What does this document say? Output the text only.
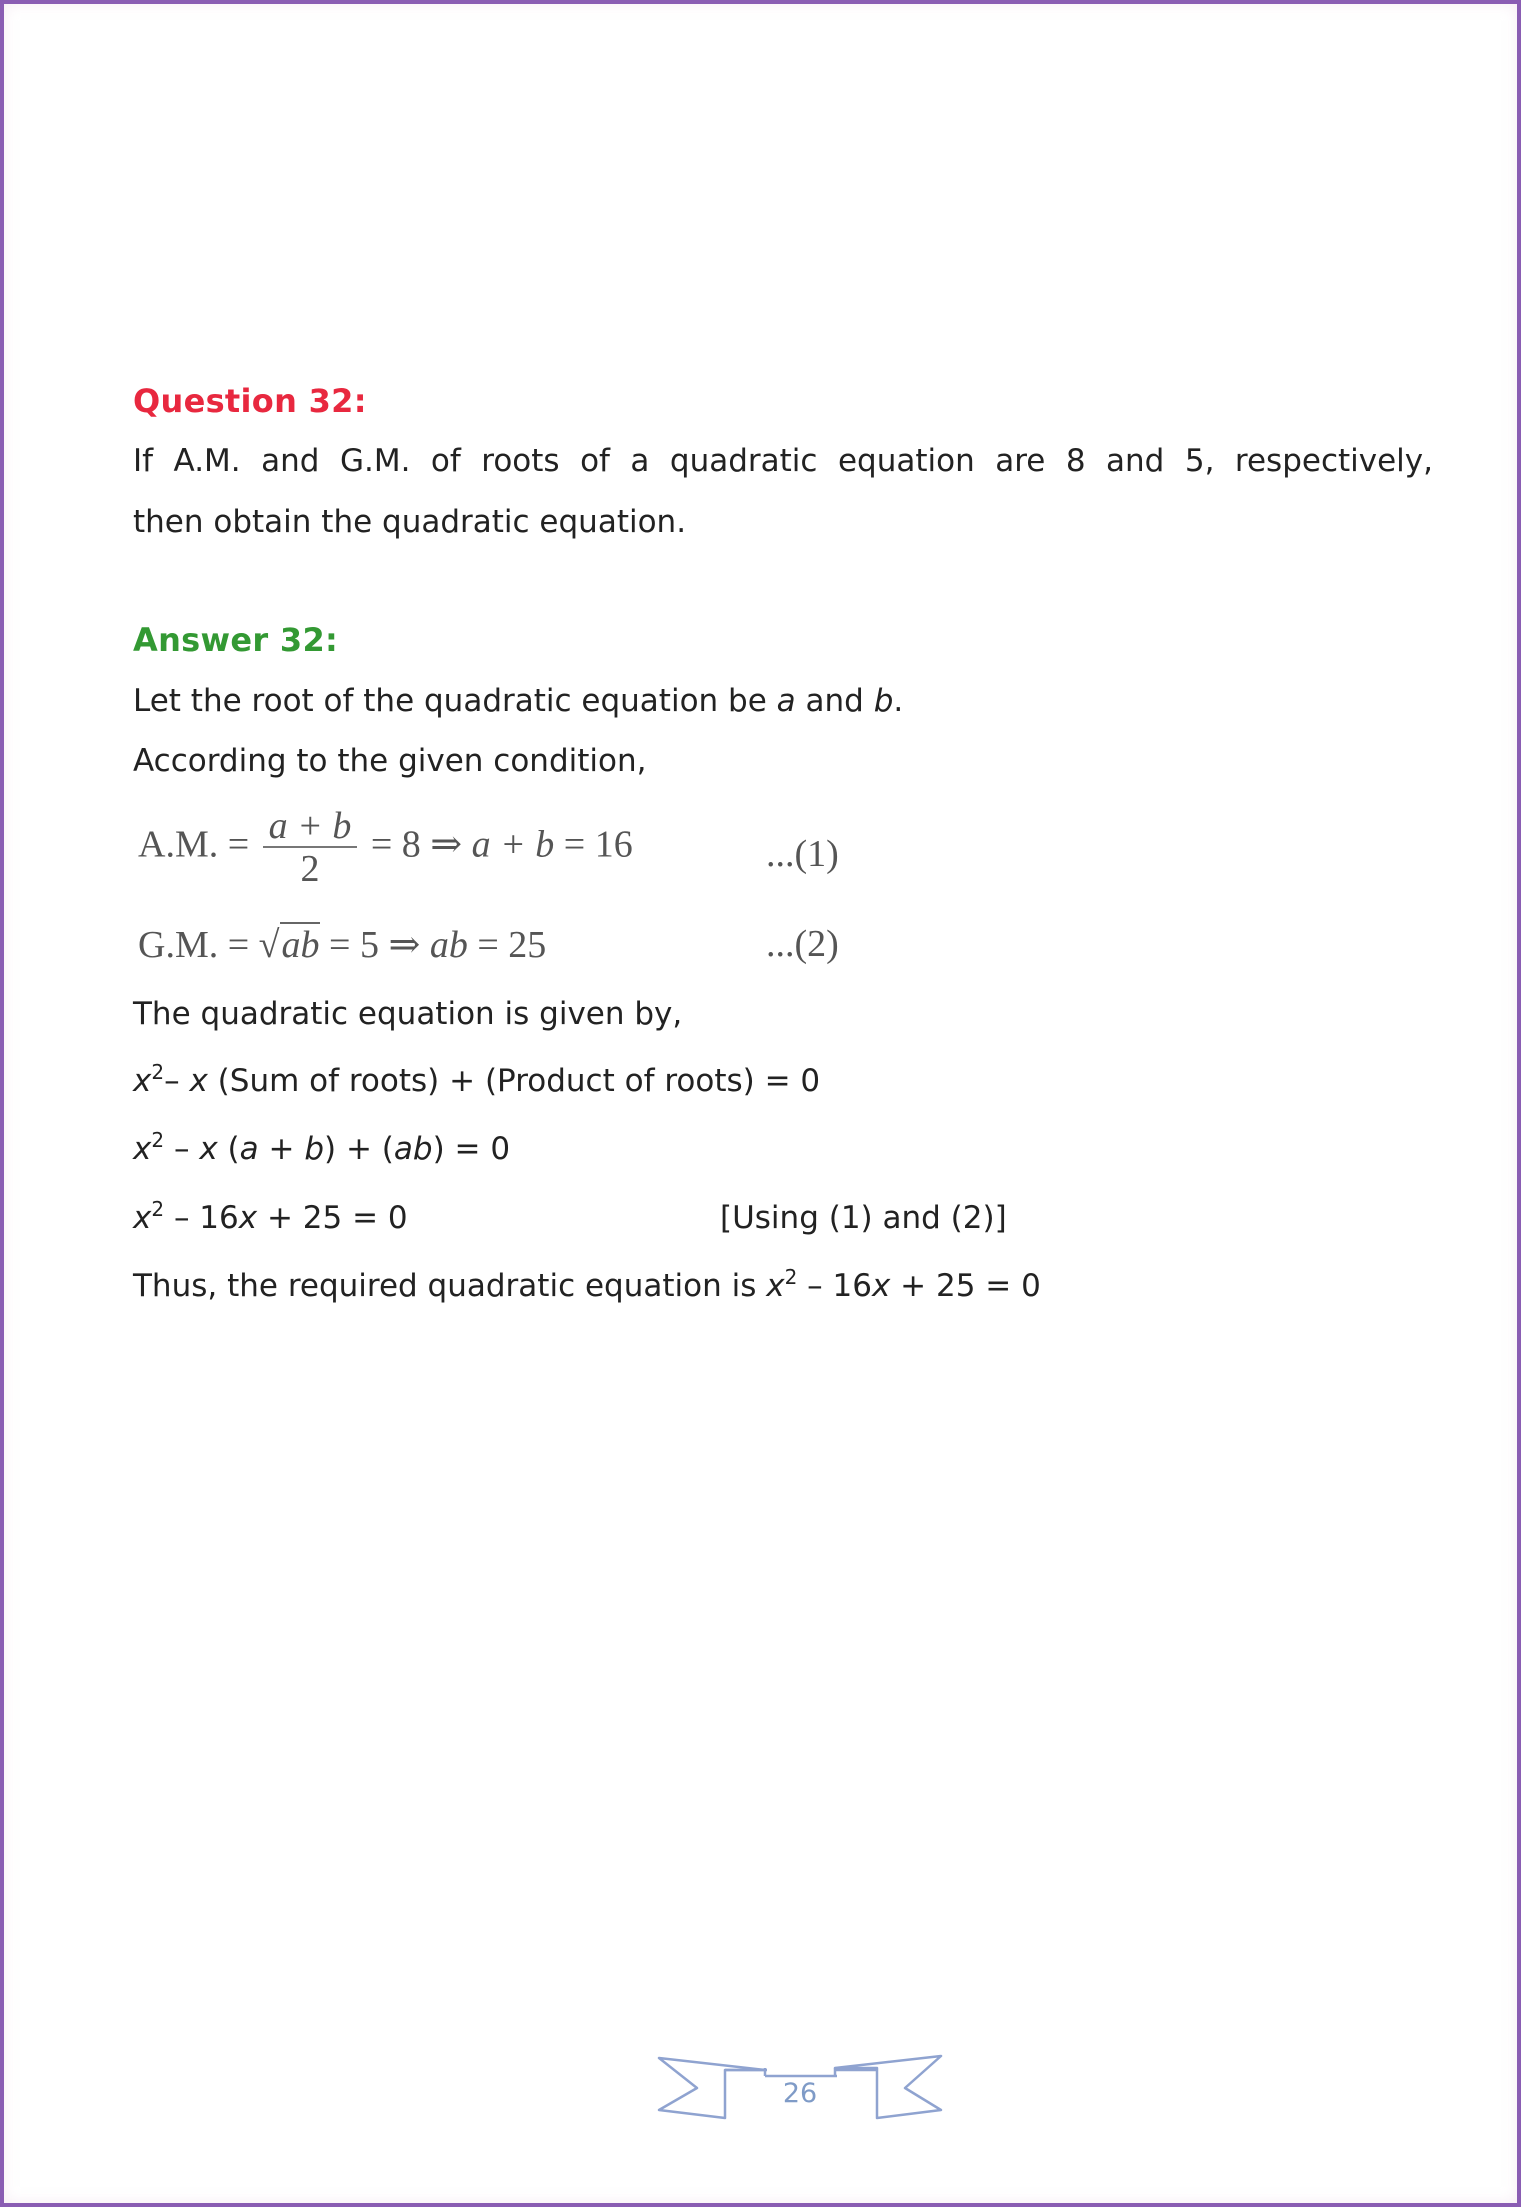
Question 32:
If A.M. and G.M. of roots of a quadratic equation are 8 and 5, respectively,
then obtain the quadratic equation.
Answer 32:
Let the root of the quadratic equation be a and b.
According to the given condition,
A.M. = $\frac{a + b}{2} = 8$ ⇒ a + b = 16	...(1)
G.M. = √ab = 5 ⇒ ab = 25	...(2)
The quadratic equation is given by,
$x^2-$ x (Sum of roots) + (Product of roots) = 0
$x^2$ – x (a + b) + (ab) = 0
$x^2 - 16x + 25 = 0$	[Using (1) and (2)]
Thus, the required quadratic equation is $x^2 - 16x + 25 = 0$
26
